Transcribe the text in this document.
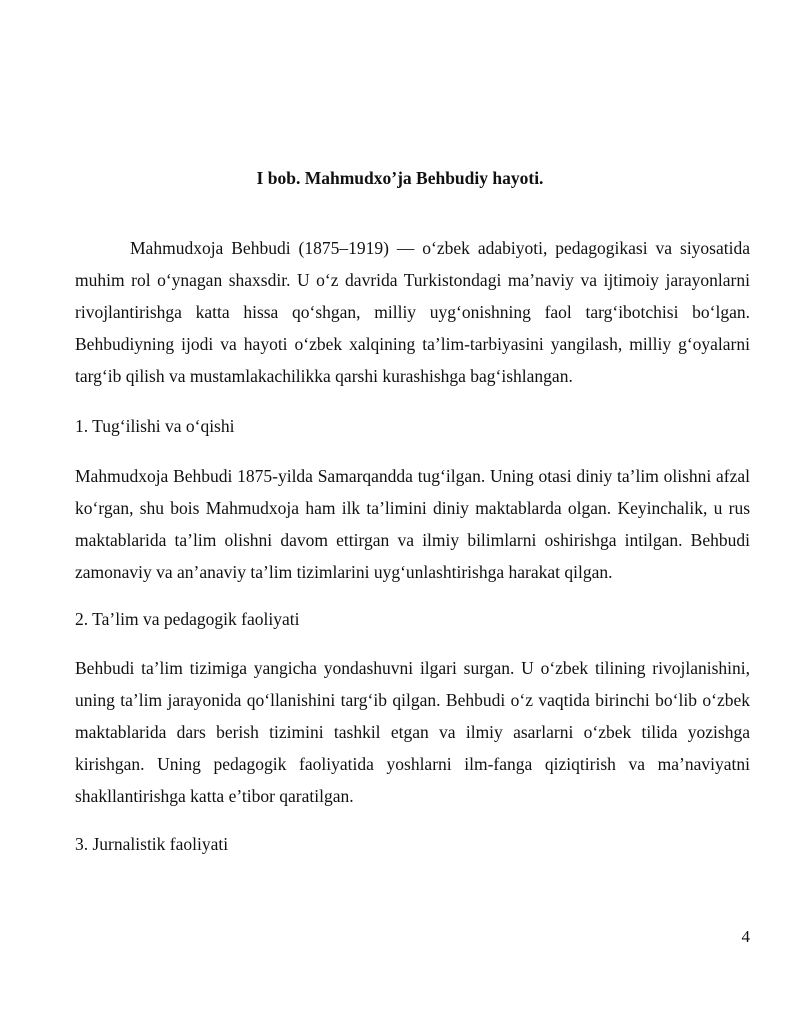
I bob. Mahmudxo’ja Behbudiy hayoti.

Mahmudxoja Behbudi (1875–1919) — o‘zbek adabiyoti, pedagogikasi va siyosatida muhim rol o‘ynagan shaxsdir. U o‘z davrida Turkistondagi ma’naviy va ijtimoiy jarayonlarni rivojlantirishga katta hissa qo‘shgan, milliy uyg‘onishning faol targ‘ibotchisi bo‘lgan. Behbudiyning ijodi va hayoti o‘zbek xalqining ta’lim-tarbiyasini yangilash, milliy g‘oyalarni targ‘ib qilish va mustamlakachilikka qarshi kurashishga bag‘ishlangan.

1. Tug‘ilishi va o‘qishi

Mahmudxoja Behbudi 1875-yilda Samarqandda tug‘ilgan. Uning otasi diniy ta’lim olishni afzal ko‘rgan, shu bois Mahmudxoja ham ilk ta’limini diniy maktablarda olgan. Keyinchalik, u rus maktablarida ta’lim olishni davom ettirgan va ilmiy bilimlarni oshirishga intilgan. Behbudi zamonaviy va an’anaviy ta’lim tizimlarini uyg‘unlashtirishga harakat qilgan.

2. Ta’lim va pedagogik faoliyati

Behbudi ta’lim tizimiga yangicha yondashuvni ilgari surgan. U o‘zbek tilining rivojlanishini, uning ta’lim jarayonida qo‘llanishini targ‘ib qilgan. Behbudi o‘z vaqtida birinchi bo‘lib o‘zbek maktablarida dars berish tizimini tashkil etgan va ilmiy asarlarni o‘zbek tilida yozishga kirishgan. Uning pedagogik faoliyatida yoshlarni ilm-fanga qiziqtirish va ma’naviyatni shakllantirishga katta e’tibor qaratilgan.

3. Jurnalistik faoliyati

4
